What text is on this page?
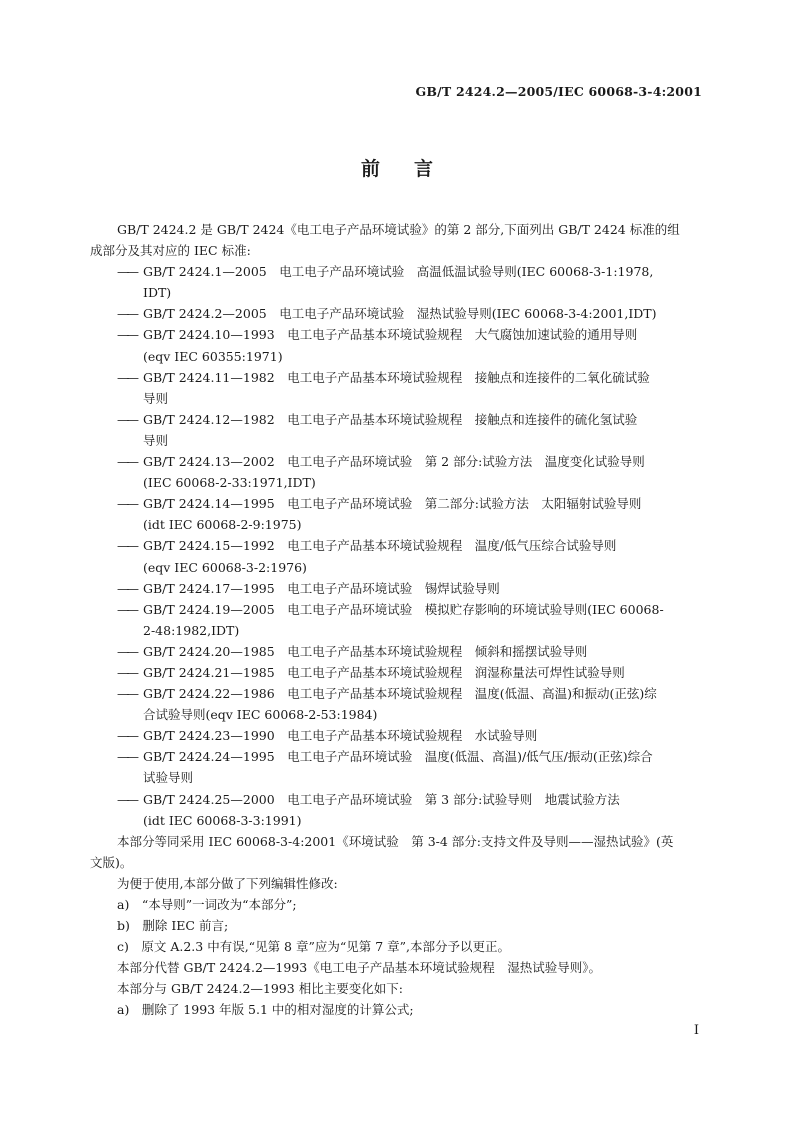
GB/T 2424.2—2005/IEC 60068-3-4:2001
前言
GB/T 2424.2 是 GB/T 2424《电工电子产品环境试验》的第 2 部分,下面列出 GB/T 2424 标准的组
成部分及其对应的 IEC 标准:
—— GB/T 2424.1—2005　电工电子产品环境试验　高温低温试验导则(IEC 60068-3-1:1978,
IDT)
—— GB/T 2424.2—2005　电工电子产品环境试验　湿热试验导则(IEC 60068-3-4:2001,IDT)
—— GB/T 2424.10—1993　电工电子产品基本环境试验规程　大气腐蚀加速试验的通用导则
(eqv IEC 60355:1971)
—— GB/T 2424.11—1982　电工电子产品基本环境试验规程　接触点和连接件的二氧化硫试验
导则
—— GB/T 2424.12—1982　电工电子产品基本环境试验规程　接触点和连接件的硫化氢试验
导则
—— GB/T 2424.13—2002　电工电子产品环境试验　第 2 部分:试验方法　温度变化试验导则
(IEC 60068-2-33:1971,IDT)
—— GB/T 2424.14—1995　电工电子产品环境试验　第二部分:试验方法　太阳辐射试验导则
(idt IEC 60068-2-9:1975)
—— GB/T 2424.15—1992　电工电子产品基本环境试验规程　温度/低气压综合试验导则
(eqv IEC 60068-3-2:1976)
—— GB/T 2424.17—1995　电工电子产品环境试验　锡焊试验导则
—— GB/T 2424.19—2005　电工电子产品环境试验　模拟贮存影响的环境试验导则(IEC 60068-
2-48:1982,IDT)
—— GB/T 2424.20—1985　电工电子产品基本环境试验规程　倾斜和摇摆试验导则
—— GB/T 2424.21—1985　电工电子产品基本环境试验规程　润湿称量法可焊性试验导则
—— GB/T 2424.22—1986　电工电子产品基本环境试验规程　温度(低温、高温)和振动(正弦)综
合试验导则(eqv IEC 60068-2-53:1984)
—— GB/T 2424.23—1990　电工电子产品基本环境试验规程　水试验导则
—— GB/T 2424.24—1995　电工电子产品环境试验　温度(低温、高温)/低气压/振动(正弦)综合
试验导则
—— GB/T 2424.25—2000　电工电子产品环境试验　第 3 部分:试验导则　地震试验方法
(idt IEC 60068-3-3:1991)
本部分等同采用 IEC 60068-3-4:2001《环境试验　第 3-4 部分:支持文件及导则——湿热试验》(英
文版)。
为便于使用,本部分做了下列编辑性修改:
a)　“本导则”一词改为“本部分”;
b)　删除 IEC 前言;
c)　原文 A.2.3 中有误,“见第 8 章”应为“见第 7 章”,本部分予以更正。
本部分代替 GB/T 2424.2—1993《电工电子产品基本环境试验规程　湿热试验导则》。
本部分与 GB/T 2424.2—1993 相比主要变化如下:
a)　删除了 1993 年版 5.1 中的相对湿度的计算公式;
I
